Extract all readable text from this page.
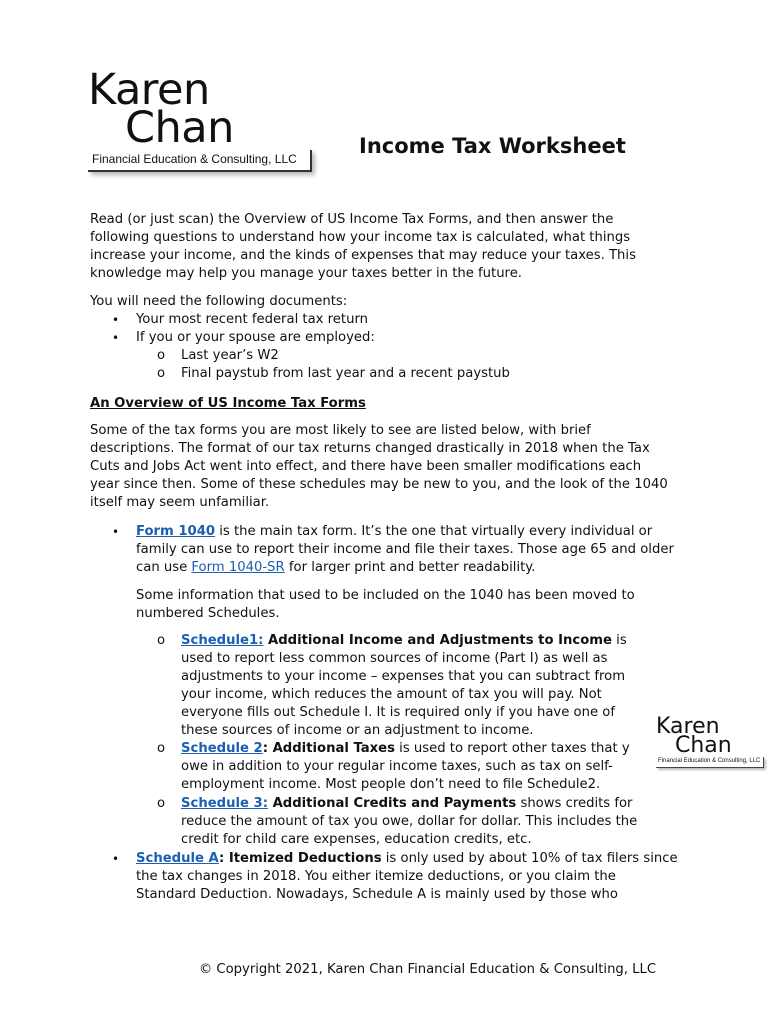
Karen
Chan
Financial Education & Consulting, LLC
Income Tax Worksheet

Read (or just scan) the Overview of US Income Tax Forms, and then answer the following questions to understand how your income tax is calculated, what things increase your income, and the kinds of expenses that may reduce your taxes. This knowledge may help you manage your taxes better in the future.

You will need the following documents:

• Your most recent federal tax return
• If you or your spouse are employed:
o Last year’s W2
o Final paystub from last year and a recent paystub
An Overview of US Income Tax Forms

Some of the tax forms you are most likely to see are listed below, with brief descriptions. The format of our tax returns changed drastically in 2018 when the Tax Cuts and Jobs Act went into effect, and there have been smaller modifications each year since then. Some of these schedules may be new to you, and the look of the 1040 itself may seem unfamiliar.

• Form 1040 is the main tax form. It’s the one that virtually every individual or family can use to report their income and file their taxes. Those age 65 and older can use Form 1040-SR for larger print and better readability.

Some information that used to be included on the 1040 has been moved to numbered Schedules.

o Schedule1: Additional Income and Adjustments to Income is used to report less common sources of income (Part I) as well as adjustments to your income – expenses that you can subtract from your income, which reduces the amount of tax you will pay. Not everyone fills out Schedule I. It is required only if you have one of these sources of income or an adjustment to income.

o Schedule 2: Additional Taxes is used to report other taxes that y owe in addition to your regular income taxes, such as tax on self-employment income. Most people don’t need to file Schedule2.

o Schedule 3: Additional Credits and Payments shows credits for reduce the amount of tax you owe, dollar for dollar. This includes the credit for child care expenses, education credits, etc.

• Schedule A: Itemized Deductions is only used by about 10% of tax filers since the tax changes in 2018. You either itemize deductions, or you claim the Standard Deduction. Nowadays, Schedule A is mainly used by those who

Karen
Chan
Financial Education & Consulting, LLC
© Copyright 2021, Karen Chan Financial Education & Consulting, LLC
